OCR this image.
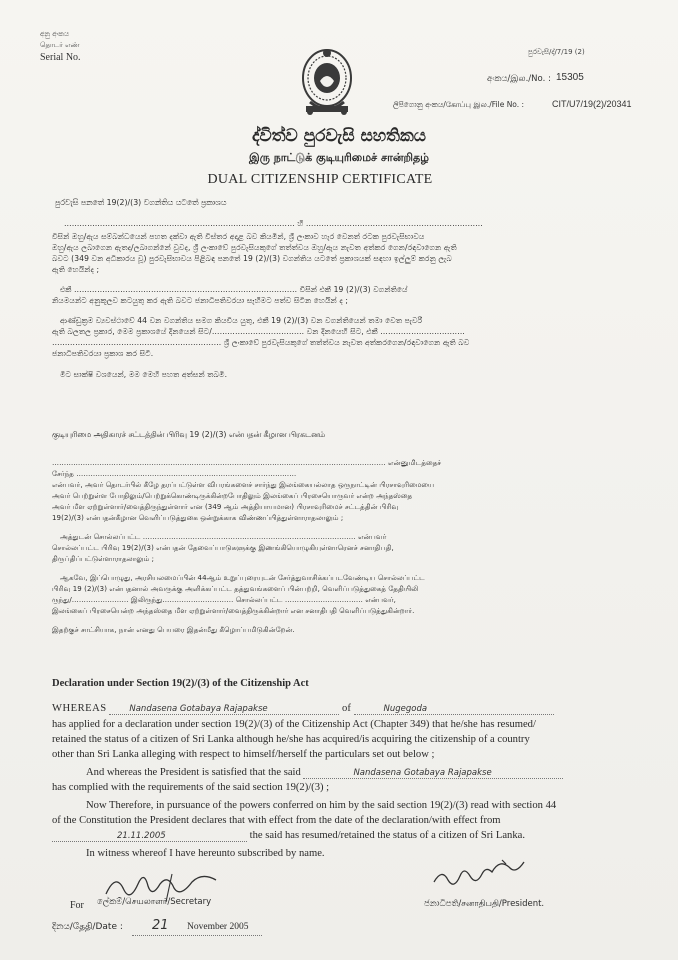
අනු අංකය
தொடர் எண்
Serial No.	පුරවැසි/ද්/7/19 (2)
අංකය/இல./No. : 15305
ලිපිගොනු අංකය/கோப்பு இல./File No. :	CIT/U7/19(2)/20341
ද්විත්ව පුරවැසි සහතිකය
இரு நாட்டுக் குடியுரிமைச் சான்றிதழ்
DUAL CITIZENSHIP CERTIFICATE
පුරවැසි පනතේ 19(2)/(3) වගන්තිය යටතේ ප්‍රකාශය
……………………………………………………………………………… හි ……………………………………………………………
විසින් ඔහු/ඇය සම්බන්ධයෙන් පහත දක්වා ඇති විස්තර අදාළ බව කියමින්, ශ්‍රී ලංකාව හැර වෙනත් රටක පුරවැසිභාවය
ඔහු/ඇය ලබාගෙන ඇතද/ලබාගන්නේ වුවද, ශ්‍රී ලංකාවේ පුරවැසියකුගේ තත්ත්වය ඔහු/ඇය නැවත අත්කර ගෙන/රඳවාගෙන ඇති
බවට (349 වන අධිකාරය වූ) පුරවැසිභාවය පිළිබඳ පනතේ 19 (2)/(3) වගන්තිය යටතේ ප්‍රකාශයක් සඳහා ඉල්ලුම් කරනු ලැබ
ඇති හෙයින්ද ;
එකී …………………………………………………………………………… විසින් එකී 19 (2)/(3) වගන්තියේ
නියමයන්ට අනුකූලව කටයුතු කර ඇති බවට ජනාධිපතිවරයා සෑහීමට පත්ව සිටින හෙයින් ද ;
ආණ්ඩුක්‍රම ව්‍යවස්ථාවේ 44 වන වගන්තිය සමග කියවිය යුතු, එකී 19 (2)/(3) වන වගන්තියෙන් තමා වෙත පැවරී
ඇති බලතල ප්‍රකාර, මෙම ප්‍රකාශයේ දිනයෙන් සිට/……………………………… වන දිනයෙහි සිට, එකී ……………………………
………………………………………………………… ශ්‍රී ලංකාවේ පුරවැසියකුගේ තත්ත්වය නැවත අත්කරගෙන/රඳවාගෙන ඇති බව
ජනාධිපතිවරයා ප්‍රකාශ කර සිටී.
මීට සාක්ෂි වශයෙන්, මම මෙහි පහත අත්සන් තබමි.
குடியுரிமை அதிகாரச் சட்டத்தின் பிரிவு 19 (2)/(3) என்பதன் கீழான பிரகடனம்
…………………………………………………………………………………………………………………………… என்னுமிடத்தைச்
சேர்ந்த …………………………………………………………………………………
என்பவர், அவர் தொடர்பில் கீழே தரப்பட்டுள்ள விபரங்களைச் சார்ந்து இலங்கையல்லாத ஒருநாட்டின் பிரசாவுரிமையை
அவர் பெற்றுள்ள போதிலும்/பெற்றுக்கொண்டிருக்கின்றபோதிலும் இலங்கைப் பிரசையொருவர் என்ற அந்தஸ்தை
அவர் மீள ஏற்றுள்ளார்/வைத்திருந்துள்ளார் என (349 ஆம் அத்தியாயமான) பிரசாவுரிமைச் சட்டத்தின் பிரிவு
19(2)/(3) என்பதன்கீழான வெளிப்படுத்துகை ஒன்றுக்காக விண்ணப்பித்துள்ளாராதலாலும் ;
அத்துடன் சொல்லப்பட்ட ……………………………………………………………………………… என்பவர்
சொல்லப்பட்ட பிரிவு 19(2)/(3) என்பதன் தேவைப்பாடுகளுக்கு இணங்கியொழுகியுள்ளாரெனச் சனாதிபதி,
திருப்திப்பட்டுள்ளாராதலாலும் ;
ஆகவே, இப்பொழுது, அரசியலமைப்பின் 44ஆம் உறுப்புரையுடன் சேர்த்துவாசிக்கப்படவேண்டிய சொல்லப்பட்ட
பிரிவு 19 (2)/(3) என்பதனால் அவருக்கு அளிக்கப்பட்ட தத்துவங்களைப் பின்பற்றி, வெளிப்படுத்துகைத் தேதியிலி
ருந்து/…………………… இலிருந்து………………………… சொல்லப்பட்ட …………………………… என்பவர்,
இலங்கைப் பிரசையென்ற அந்தஸ்தை மீள ஏற்றுள்ளார்/வைத்திருக்கின்றார் என சனாதிபதி வெளிப்படுத்துகின்றார்.
இதற்குச் சாட்சியாக, நான் எனது பெயரை இதன்மீது கீழொப்பமிடுகின்றேன்.
Declaration under Section 19(2)/(3) of the Citizenship Act
WHEREAS	Nandasena Gotabaya Rajapakse	of	Nugegoda
has applied for a declaration under section 19(2)/(3) of the Citizenship Act (Chapter 349) that he/she has resumed/
retained the status of a citizen of Sri Lanka although he/she has acquired/is acquiring the citizenship of a country
other than Sri Lanka alleging with respect to himself/herself the particulars set out below ;
And whereas the President is satisfied that the said	Nandasena Gotabaya Rajapakse
has complied with the requirements of the said section 19(2)/(3) ;
Now Therefore, in pursuance of the powers conferred on him by the said section 19(2)/(3) read with section 44
of the Constitution the President declares that with effect from the date of the declaration/with effect from
21.11.2005	the said has resumed/retained the status of a citizen of Sri Lanka.
In witness whereof I have hereunto subscribed by name.
For ලේකම්/செயலாளர்/Secretary	ජනාධිපති/சனாதிபதி/President.
දිනය/தேதி/Date : 21 November 2005
